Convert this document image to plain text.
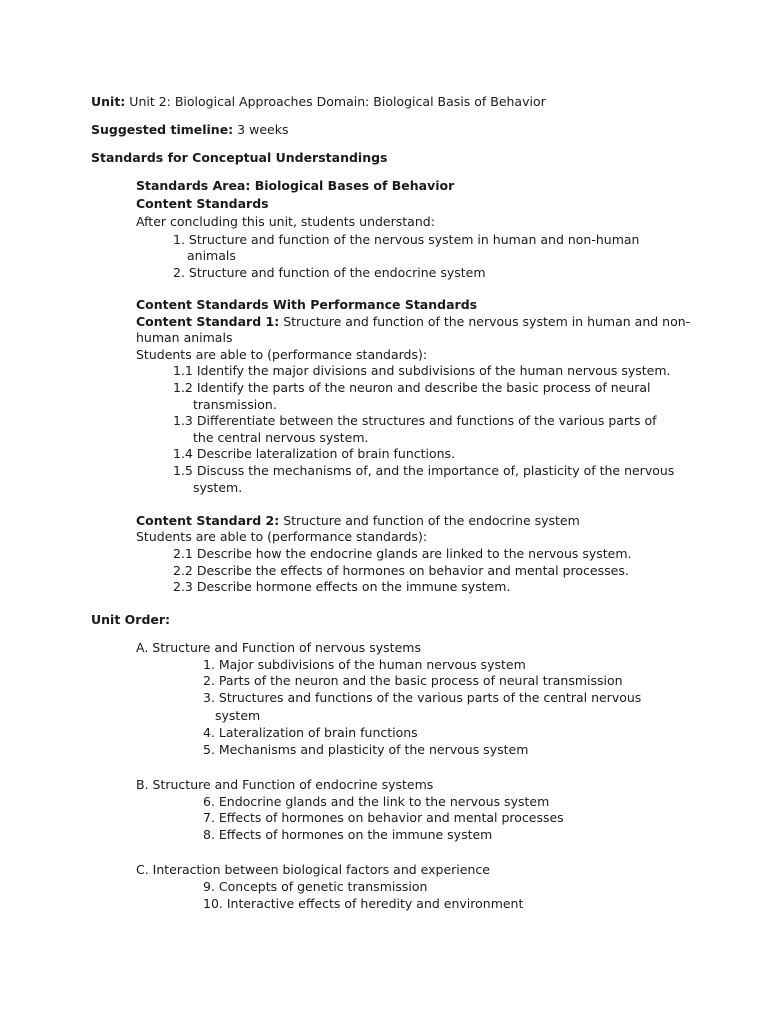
Unit: Unit 2: Biological Approaches Domain: Biological Basis of Behavior
Suggested timeline: 3 weeks
Standards for Conceptual Understandings
Standards Area: Biological Bases of Behavior
Content Standards
After concluding this unit, students understand:
1. Structure and function of the nervous system in human and non-human
animals
2. Structure and function of the endocrine system
Content Standards With Performance Standards
Content Standard 1: Structure and function of the nervous system in human and non-
human animals
Students are able to (performance standards):
1.1 Identify the major divisions and subdivisions of the human nervous system.
1.2 Identify the parts of the neuron and describe the basic process of neural
transmission.
1.3 Differentiate between the structures and functions of the various parts of
the central nervous system.
1.4 Describe lateralization of brain functions.
1.5 Discuss the mechanisms of, and the importance of, plasticity of the nervous
system.
Content Standard 2: Structure and function of the endocrine system
Students are able to (performance standards):
2.1 Describe how the endocrine glands are linked to the nervous system.
2.2 Describe the effects of hormones on behavior and mental processes.
2.3 Describe hormone effects on the immune system.
Unit Order:
A. Structure and Function of nervous systems
1. Major subdivisions of the human nervous system
2. Parts of the neuron and the basic process of neural transmission
3. Structures and functions of the various parts of the central nervous
system
4. Lateralization of brain functions
5. Mechanisms and plasticity of the nervous system
B. Structure and Function of endocrine systems
6. Endocrine glands and the link to the nervous system
7. Effects of hormones on behavior and mental processes
8. Effects of hormones on the immune system
C. Interaction between biological factors and experience
9. Concepts of genetic transmission
10. Interactive effects of heredity and environment
